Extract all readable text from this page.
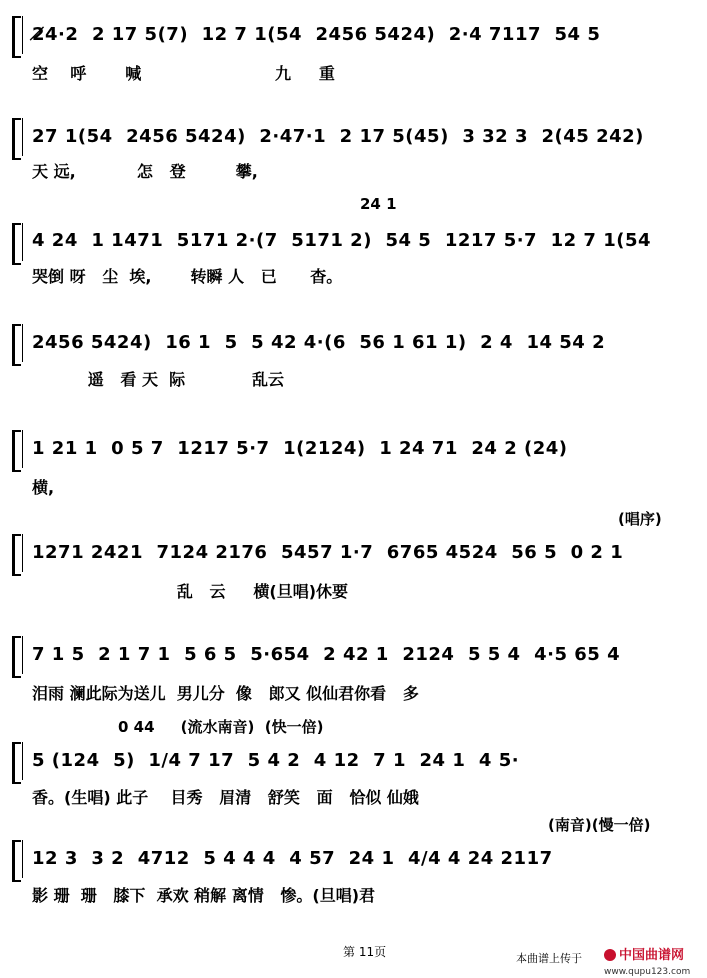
2̸4·2  2 17 5(7)  12 7 1(54  2456 5424)  2·4 7117  54 5
空    呼       喊                        九     重
27 1(54  2456 5424)  2·47·1  2 17 5(45)  3 32 3  2(45 242)
天 远,           怎   登         攀,
24 1
4 24  1 1471  5171 2·(7  5171 2)  54 5  1217 5·7  12 7 1(54
哭倒 呀   尘  埃,       转瞬 人   已      杳。
2456 5424)  16 1  5  5 42 4·(6  56 1 61 1)  2 4  14 54 2
遥   看 天  际            乱云
1 21 1  0 5 7  1217 5·7  1(2124)  1 24 71  24 2 (24)
横,
(唱序)
1271 2421  7124 2176  5457 1·7  6765 4524  56 5  0 2 1
乱   云     横(旦唱)休要
7 1 5  2 1 7 1  5 6 5  5·654  2 42 1  2124  5 5 4  4·5 65 4
泪雨 澜此际为送儿  男儿分  像   郎又 似仙君你看   多
0 44     (流水南音)  (快一倍)
5 (124  5)  1/4 7 17  5 4 2  4 12  7 1  24 1  4 5·
香。(生唱) 此子    目秀   眉清   舒笑   面   恰似 仙娥
(南音)(慢一倍)
12 3  3 2  4712  5 4 4 4  4 57  24 1  4/4 4 24 2117
影 珊  珊   膝下  承欢 稍解 离情   惨。(旦唱)君
第 11页	本曲谱上传于	中国曲谱网
www.qupu123.com
